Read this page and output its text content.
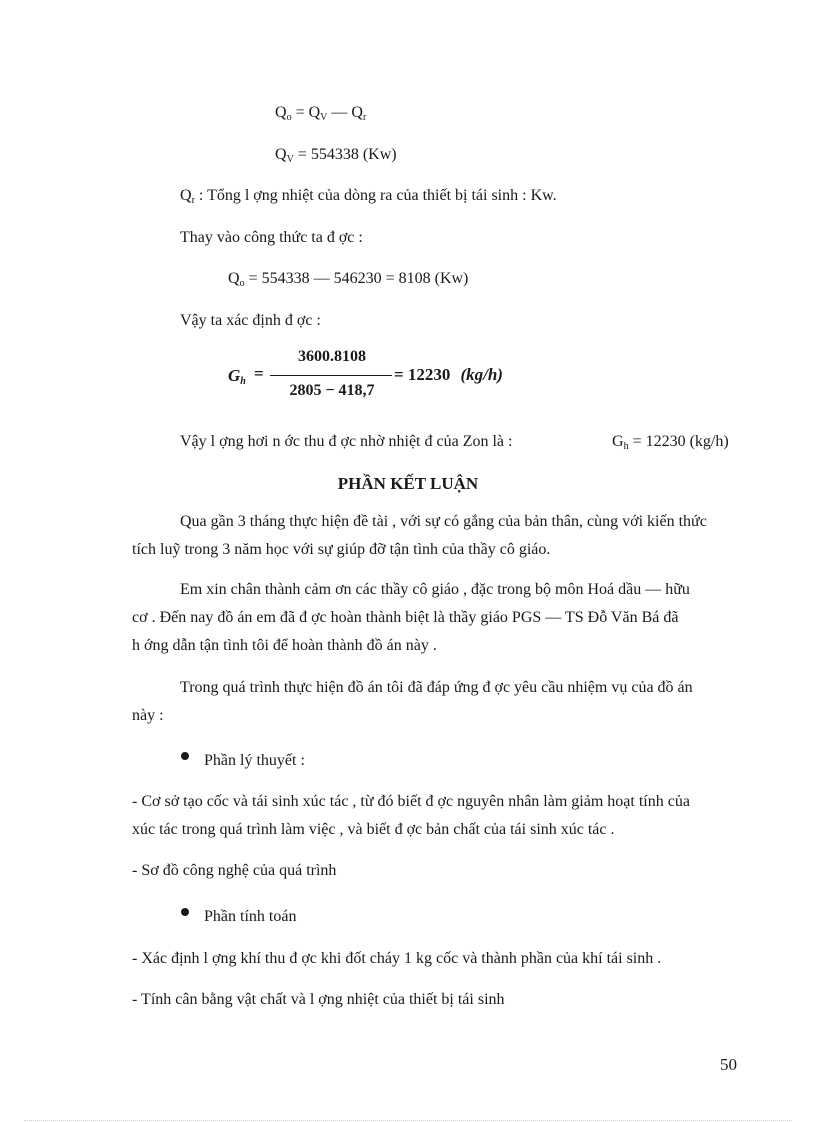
$Q_o = Q_V$ — $Q_r$
$Q_V = 554338$ (Kw)
$Q_r$ : Tổng l ợng nhiệt của dòng ra của thiết bị tái sinh : Kw.
Thay vào công thức ta đ ợc :
$Q_o = 554338$ — 546230 = 8108 (Kw)
Vậy ta xác định đ ợc :
$G_h$ =
3600.8108
2805 − 418,7
= 12230 (kg/h)
Vậy l ợng hơi n ớc thu đ ợc nhờ nhiệt đ của Zon là :	$G_h = 12230$ (kg/h)
PHẦN KẾT LUẬN
Qua gần 3 tháng thực hiện đề tài , với sự có gắng của bản thân, cùng với kiến thức
tích luỹ trong 3 năm học với sự giúp đỡ tận tình của thầy cô giáo.
Em xin chân thành cảm ơn các thầy cô giáo , đặc trong bộ môn Hoá dầu — hữu
cơ . Đến nay đồ án em đã đ ợc hoàn thành biệt là thầy giáo PGS — TS Đỗ Văn Bá đã
h ớng dẫn tận tình tôi để hoàn thành đồ án này .
Trong quá trình thực hiện đồ án tôi đã đáp ứng đ ợc yêu cầu nhiệm vụ của đồ án
này :
Phần lý thuyết :
- Cơ sở tạo cốc và tái sinh xúc tác , từ đó biết đ ợc nguyên nhân làm giảm hoạt tính của
xúc tác trong quá trình làm việc , và biết đ ợc bản chất của tái sinh xúc tác .
- Sơ đồ công nghệ của quá trình
Phần tính toán
- Xác định l ợng khí thu đ ợc khi đốt cháy 1 kg cốc và thành phần của khí tái sinh .
- Tính cân bằng vật chất và l ợng nhiệt của thiết bị tái sinh
50
